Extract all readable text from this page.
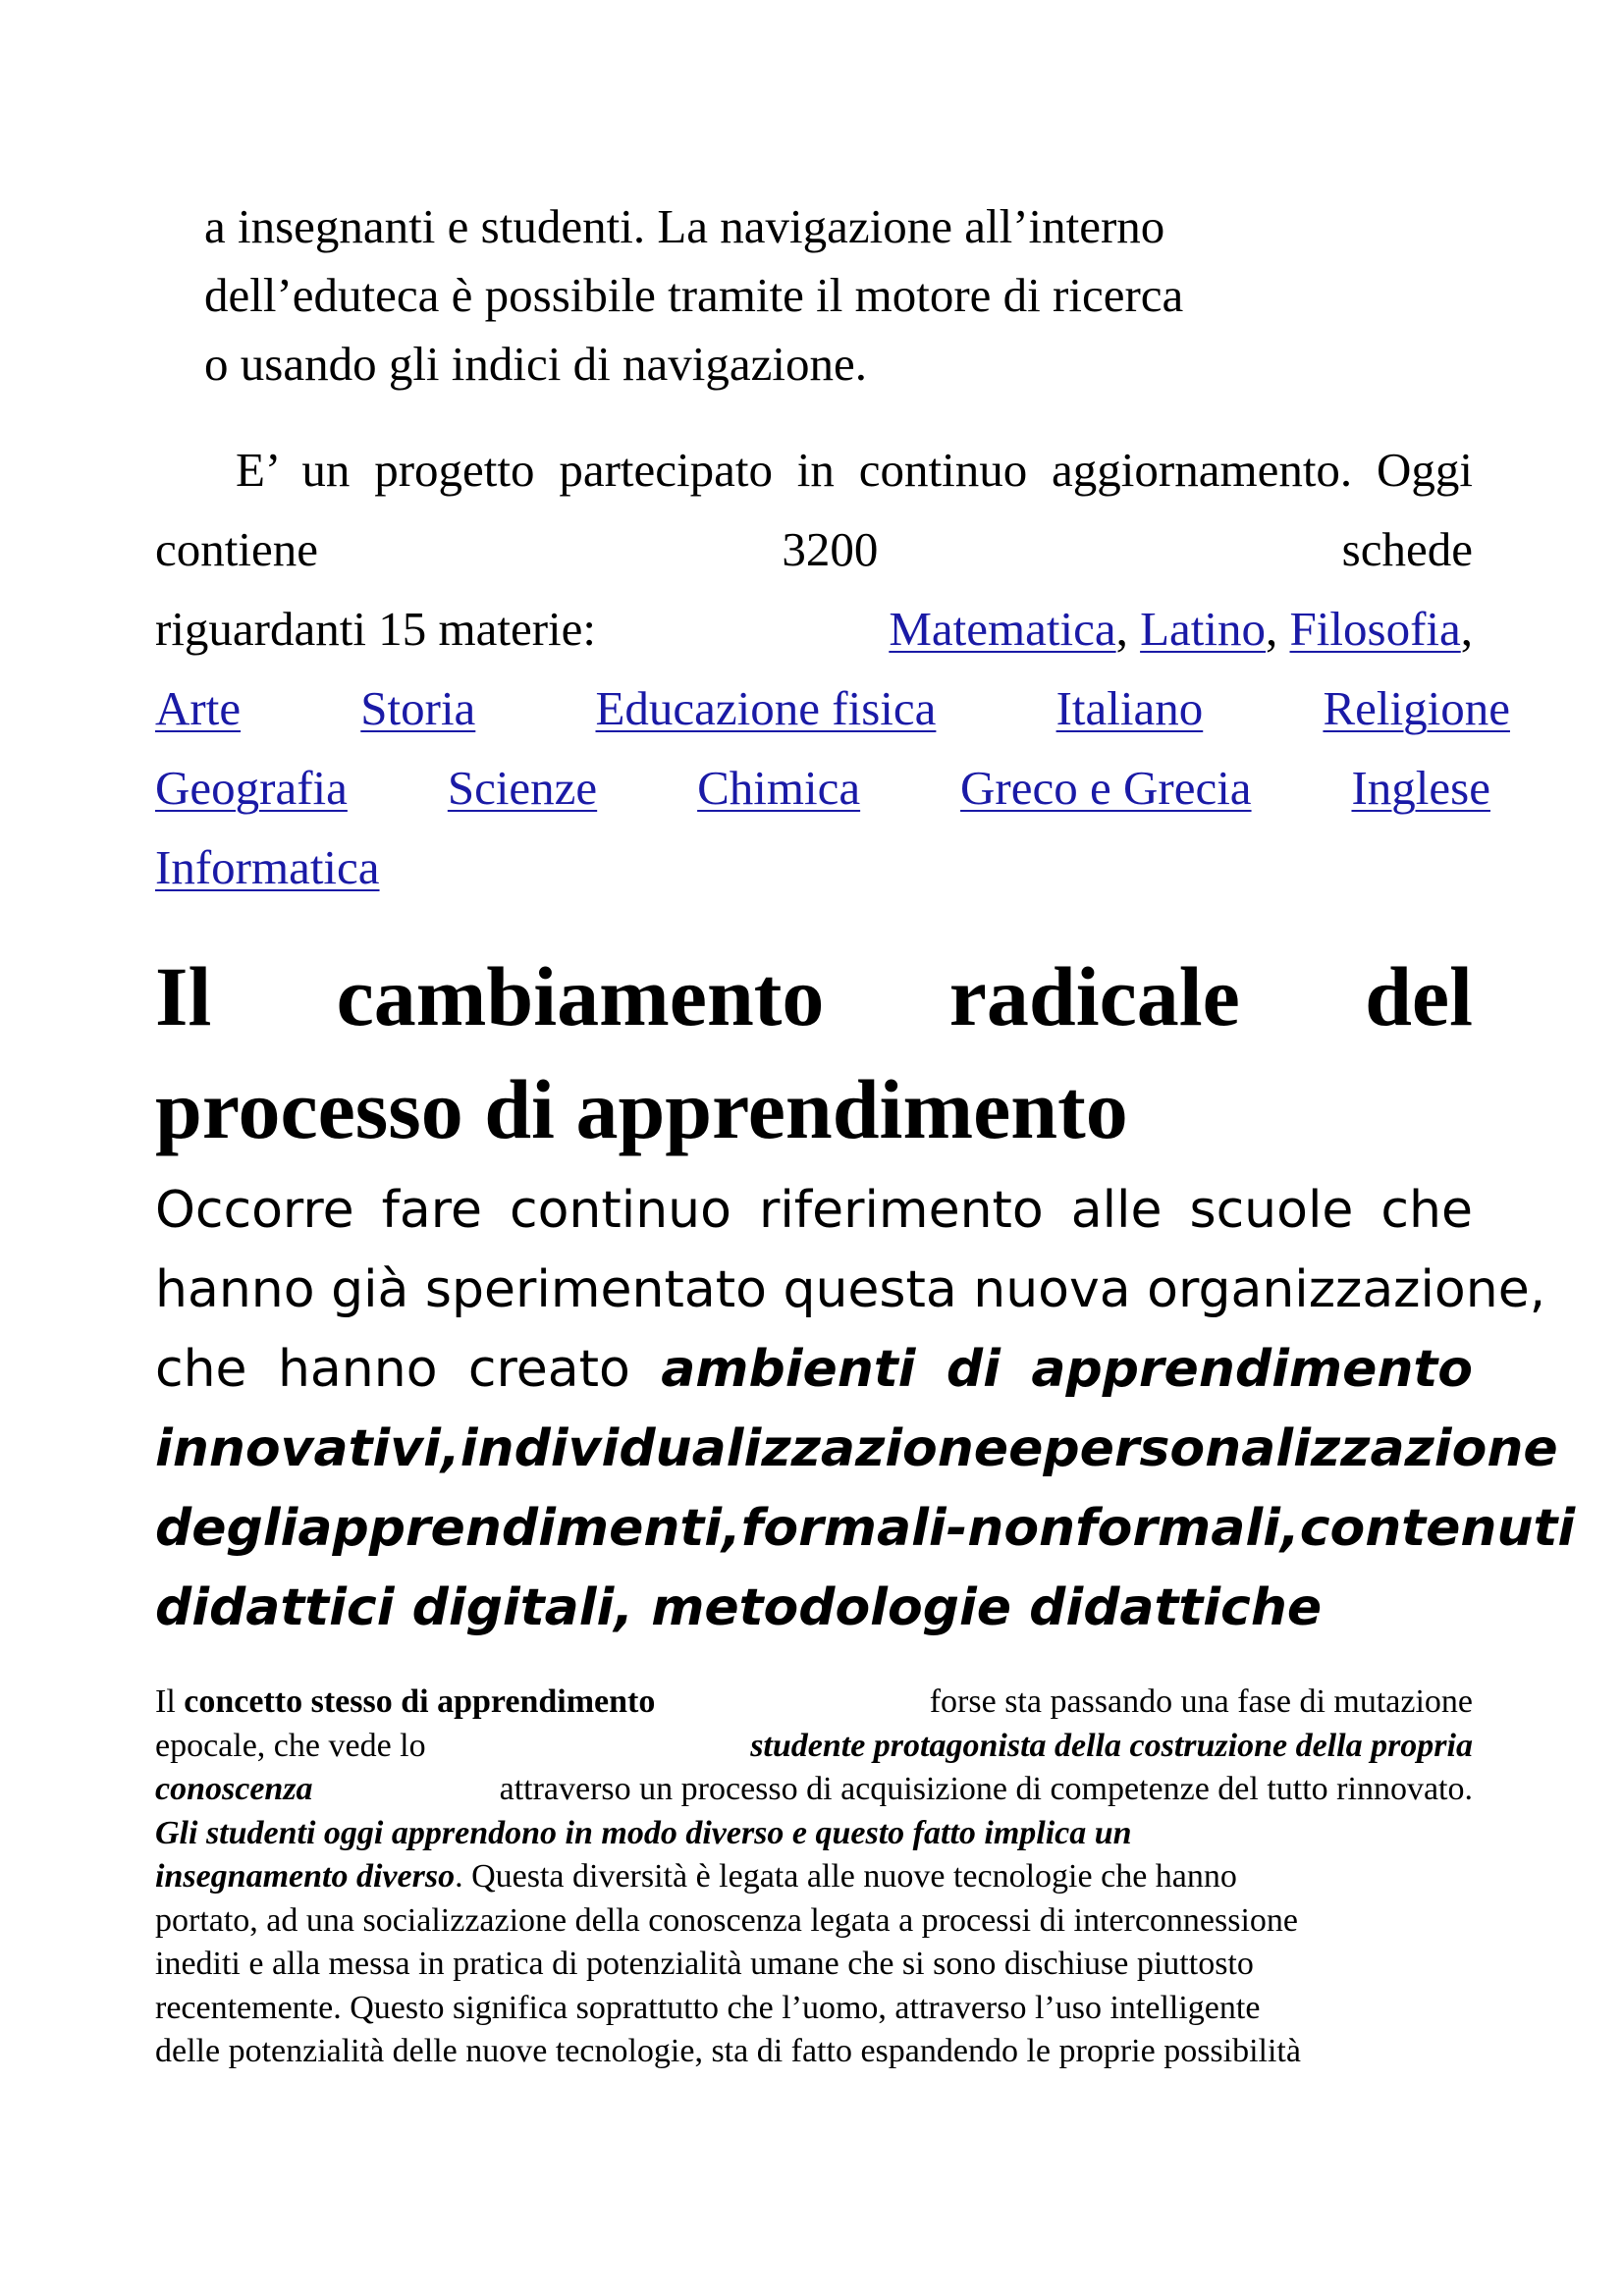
a insegnanti e studenti. La navigazione all’interno
dell’eduteca è possibile tramite il motore di ricerca
o usando gli indici di navigazione.
E’ un progetto partecipato in continuo aggiornamento. Oggi contiene 3200 schede
riguardanti 15 materie:	Matematica, Latino, Filosofia,
Arte Storia Educazione fisica Italiano Religione
Geografia Scienze Chimica Greco e Grecia Inglese
Informatica
Il cambiamento radicale del
processo di apprendimento
Occorre fare continuo riferimento alle scuole che
hanno già sperimentato questa nuova organizzazione,
che hanno creato ambienti di apprendimento
innovativi, individualizzazione e personalizzazione
degli apprendimenti, formali-non formali, contenuti
didattici digitali, metodologie didattiche
Il concetto stesso di apprendimento	forse sta passando una fase di mutazione
epocale, che vede lo	studente protagonista della costruzione della propria
conoscenza	attraverso un processo di acquisizione di competenze del tutto rinnovato.
Gli studenti oggi apprendono in modo diverso e questo fatto implica un
insegnamento diverso. Questa diversità è legata alle nuove tecnologie che hanno
portato, ad una socializzazione della conoscenza legata a processi di interconnessione
inediti e alla messa in pratica di potenzialità umane che si sono dischiuse piuttosto
recentemente. Questo significa soprattutto che l’uomo, attraverso l’uso intelligente
delle potenzialità delle nuove tecnologie, sta di fatto espandendo le proprie possibilità
